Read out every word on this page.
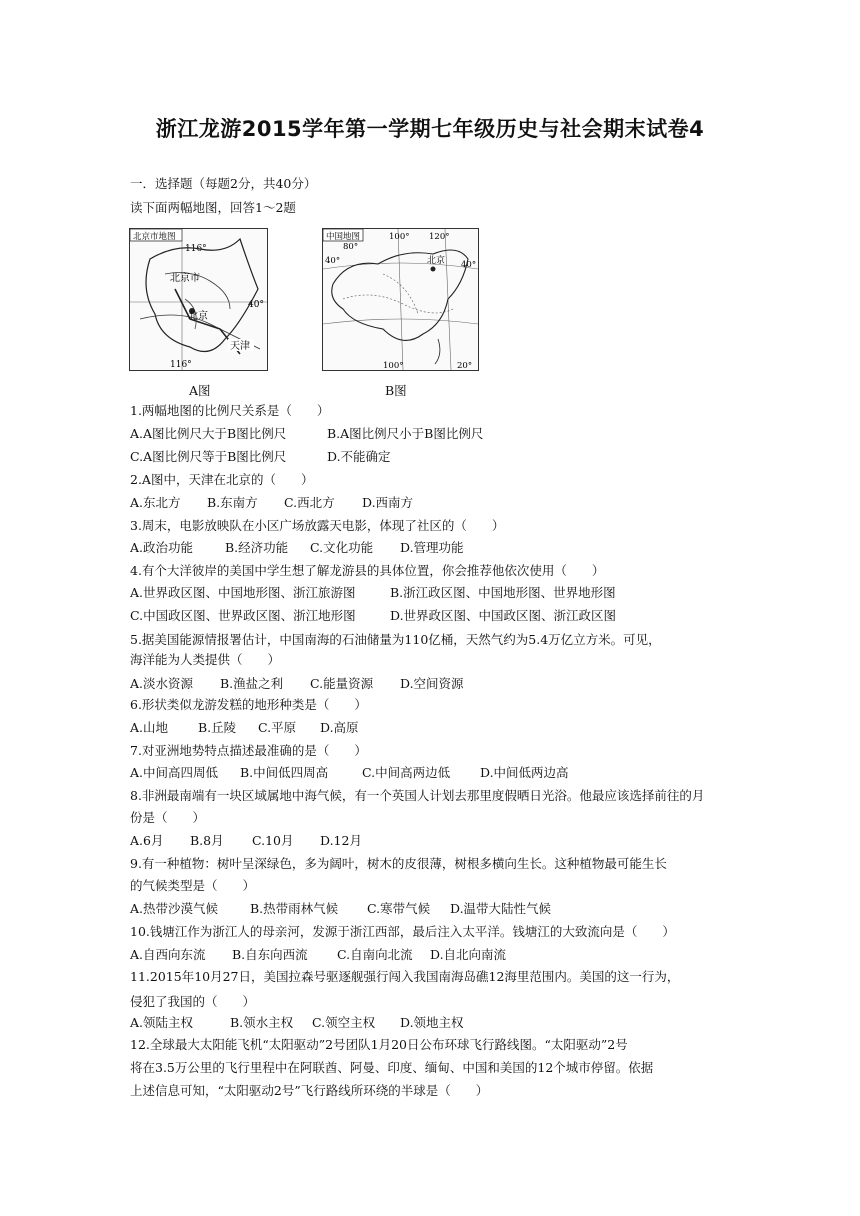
浙江龙游2015学年第一学期七年级历史与社会期末试卷4
一．选择题（每题2分，共40分）
读下面两幅地图，回答1～2题
北京市地图
116°
116°
40°
北京市
北京
天津
A图
中国地图	100° 120°
80°
40°	40°
北京
100°	20°
B图
1.两幅地图的比例尺关系是（　　）
A.A图比例尺大于B图比例尺	B.A图比例尺小于B图比例尺
C.A图比例尺等于B图比例尺	D.不能确定
2.A图中，天津在北京的（　　）
A.东北方 B.东南方 C.西北方 D.西南方
3.周末，电影放映队在小区广场放露天电影，体现了社区的（　　）
A.政治功能	B.经济功能 C.文化功能 D.管理功能
4.有个大洋彼岸的美国中学生想了解龙游县的具体位置，你会推荐他依次使用（　　）
A.世界政区图、中国地形图、浙江旅游图	B.浙江政区图、中国地形图、世界地形图
C.中国政区图、世界政区图、浙江地形图	D.世界政区图、中国政区图、浙江政区图
5.据美国能源情报署估计，中国南海的石油储量为110亿桶，天然气约为5.4万亿立方米。可见，
海洋能为人类提供（　　）
A.淡水资源 B.渔盐之利 C.能量资源 D.空间资源
6.形状类似龙游发糕的地形种类是（　　）
A.山地 B.丘陵 C.平原 D.高原
7.对亚洲地势特点描述最准确的是（　　）
A.中间高四周低 B.中间低四周高	C.中间高两边低 D.中间低两边高
8.非洲最南端有一块区域属地中海气候，有一个英国人计划去那里度假晒日光浴。他最应该选择前往的月
份是（　　）
A.6月 B.8月 C.10月 D.12月
9.有一种植物：树叶呈深绿色，多为阔叶，树木的皮很薄，树根多横向生长。这种植物最可能生长
的气候类型是（　　）
A.热带沙漠气候	B.热带雨林气候 C.寒带气候 D.温带大陆性气候
10.钱塘江作为浙江人的母亲河，发源于浙江西部，最后注入太平洋。钱塘江的大致流向是（　　）
A.自西向东流 B.自东向西流 C.自南向北流 D.自北向南流
11.2015年10月27日，美国拉森号驱逐舰强行闯入我国南海岛礁12海里范围内。美国的这一行为，
侵犯了我国的（　　）
A.领陆主权	B.领水主权 C.领空主权 D.领地主权
12.全球最大太阳能飞机“太阳驱动”2号团队1月20日公布环球飞行路线图。“太阳驱动”2号
将在3.5万公里的飞行里程中在阿联酋、阿曼、印度、缅甸、中国和美国的12个城市停留。依据
上述信息可知，“太阳驱动2号”飞行路线所环绕的半球是（　　）
